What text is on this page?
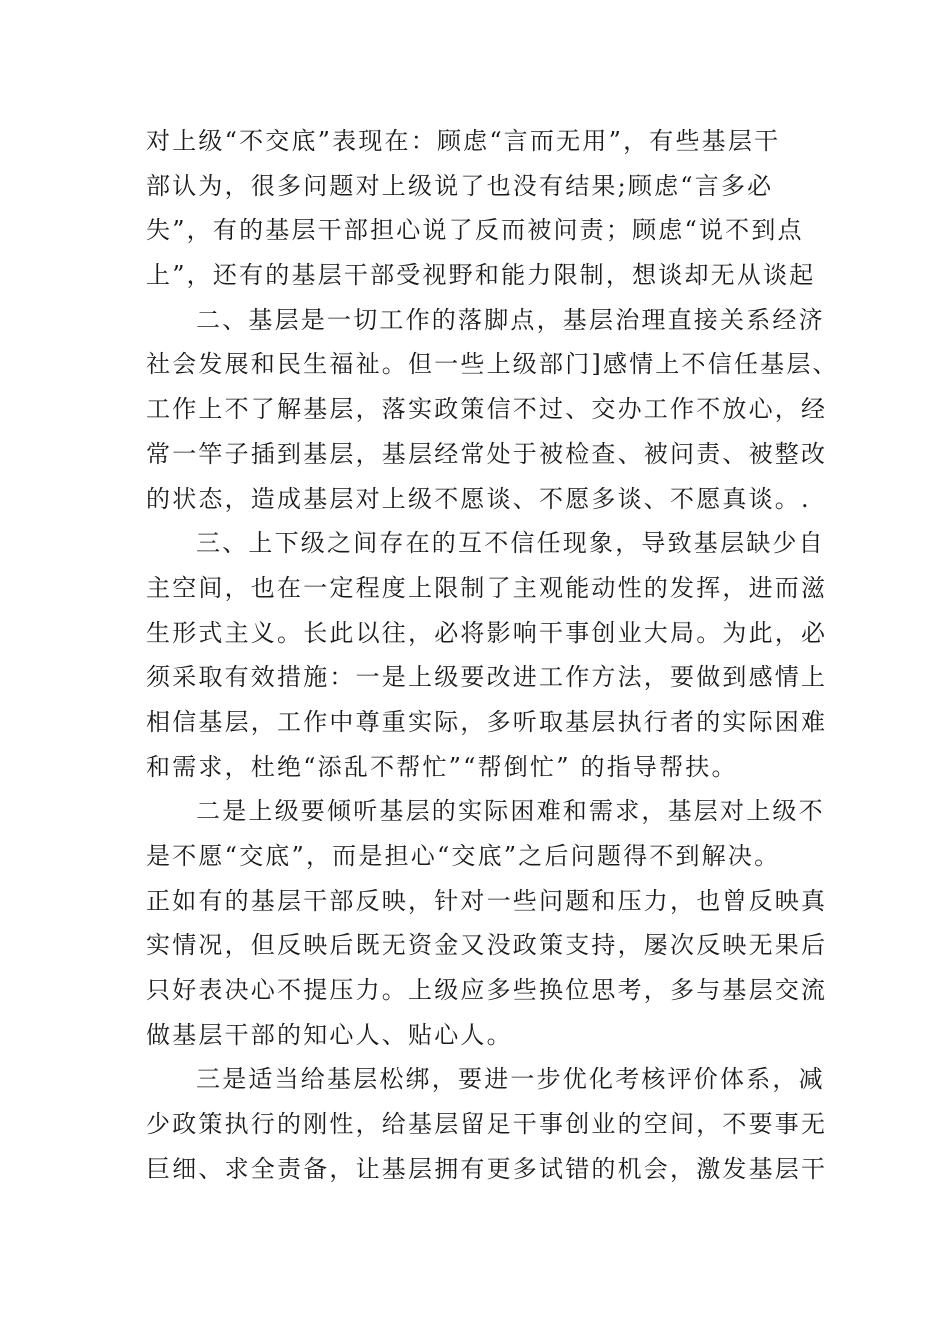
对上级“不交底”表现在：顾虑“言而无用”，有些基层干
部认为，很多问题对上级说了也没有结果;顾虑“言多必
失”，有的基层干部担心说了反而被问责；顾虑“说不到点
上”，还有的基层干部受视野和能力限制，想谈却无从谈起
二、基层是一切工作的落脚点，基层治理直接关系经济
社会发展和民生福祉。但一些上级部门]感情上不信任基层、
工作上不了解基层，落实政策信不过、交办工作不放心，经
常一竿子插到基层，基层经常处于被检查、被问责、被整改
的状态，造成基层对上级不愿谈、不愿多谈、不愿真谈。.
三、上下级之间存在的互不信任现象，导致基层缺少自
主空间，也在一定程度上限制了主观能动性的发挥，进而滋
生形式主义。长此以往，必将影响干事创业大局。为此，必
须采取有效措施：一是上级要改进工作方法，要做到感情上
相信基层，工作中尊重实际，多听取基层执行者的实际困难
和需求，杜绝“添乱不帮忙”“帮倒忙” 的指导帮扶。
二是上级要倾听基层的实际困难和需求，基层对上级不
是不愿“交底”，而是担心“交底”之后问题得不到解决。
正如有的基层干部反映，针对一些问题和压力，也曾反映真
实情况，但反映后既无资金又没政策支持，屡次反映无果后
只好表决心不提压力。上级应多些换位思考，多与基层交流
做基层干部的知心人、贴心人。
三是适当给基层松绑，要进一步优化考核评价体系，减
少政策执行的刚性，给基层留足干事创业的空间，不要事无
巨细、求全责备，让基层拥有更多试错的机会，激发基层干
